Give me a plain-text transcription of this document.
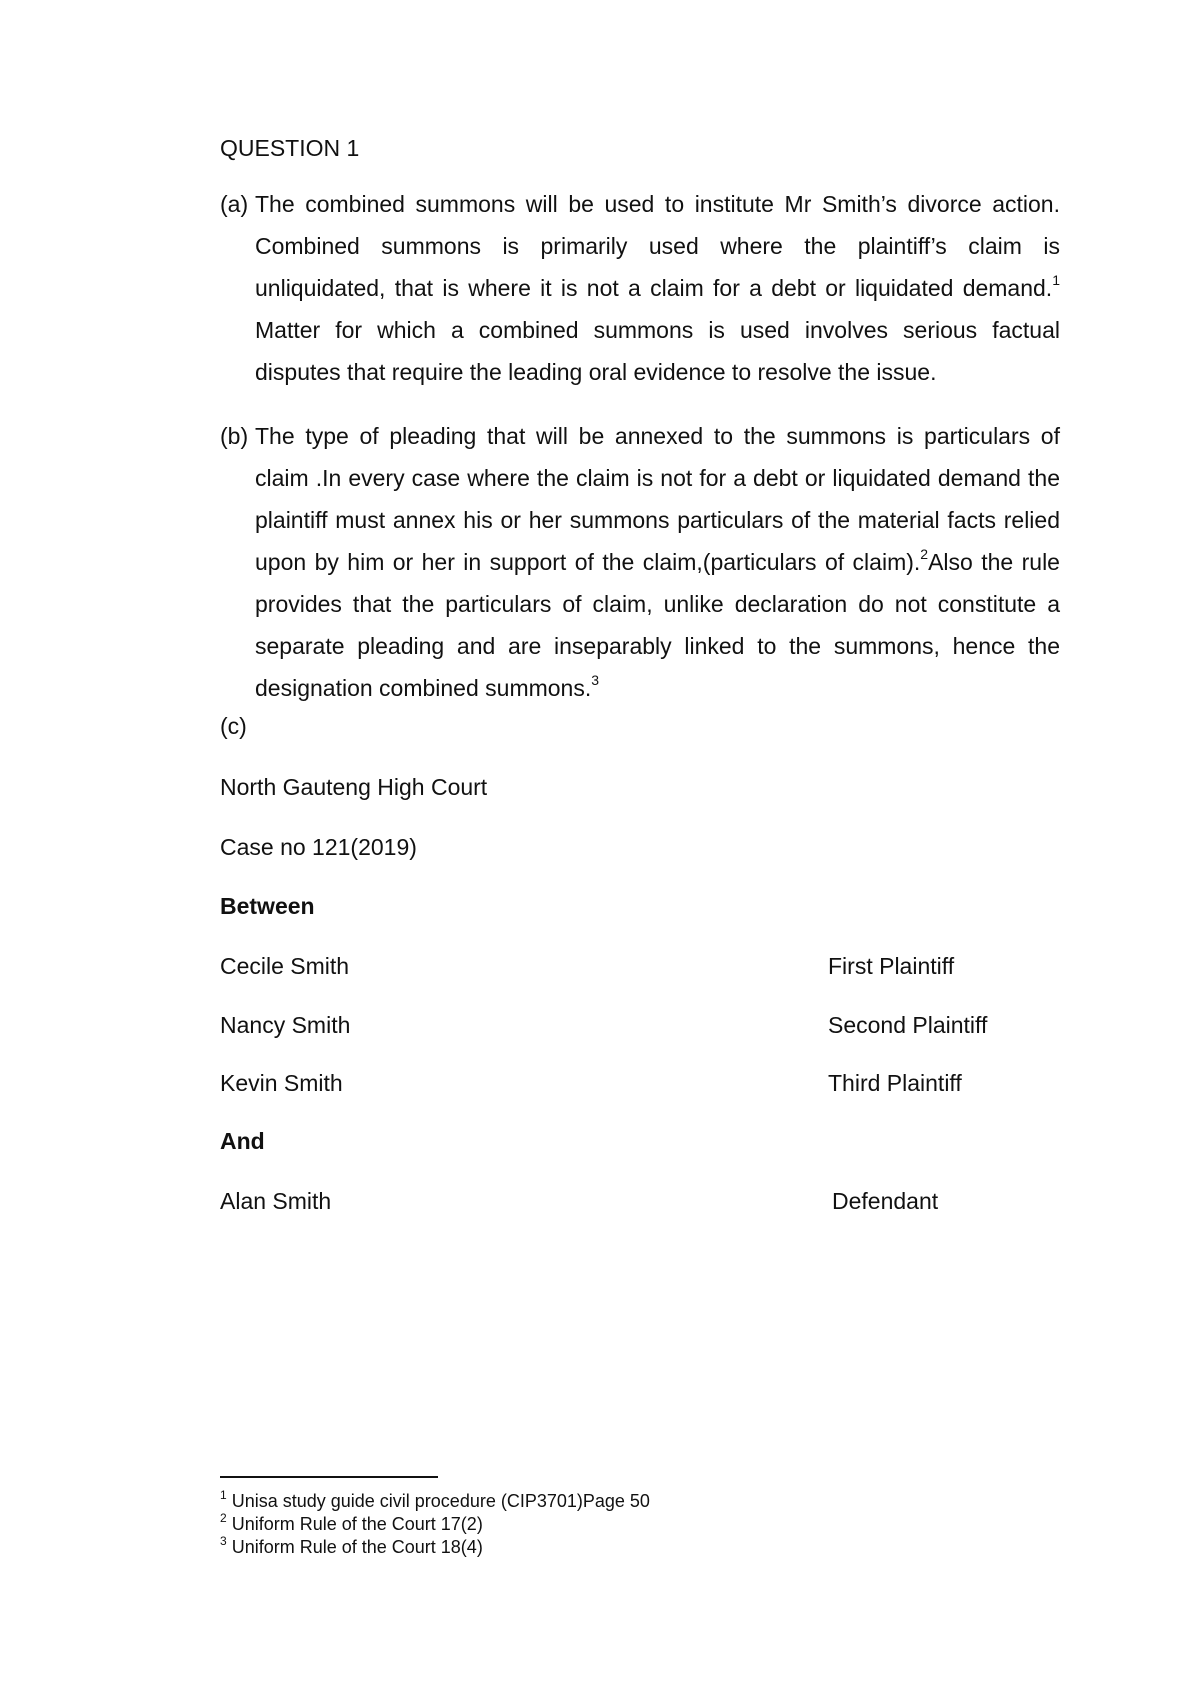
QUESTION 1
(a) The combined summons will be used to institute Mr Smith’s divorce action. Combined summons is primarily used where the plaintiff’s claim is unliquidated, that is where it is not a claim for a debt or liquidated demand.$^1$ Matter for which a combined summons is used involves serious factual disputes that require the leading oral evidence to resolve the issue.
(b) The type of pleading that will be annexed to the summons is particulars of claim .In every case where the claim is not for a debt or liquidated demand the plaintiff must annex his or her summons particulars of the material facts relied upon by him or her in support of the claim,(particulars of claim).$^2$Also the rule provides that the particulars of claim, unlike declaration do not constitute a separate pleading and are inseparably linked to the summons, hence the designation combined summons.$^3$
(c)
North Gauteng High Court
Case no 121(2019)
Between
Cecile Smith	First Plaintiff
Nancy Smith	Second Plaintiff
Kevin Smith	Third Plaintiff
And
Alan Smith	Defendant
$^1$ Unisa study guide civil procedure (CIP3701)Page 50
$^2$ Uniform Rule of the Court 17(2)
$^3$ Uniform Rule of the Court 18(4)
